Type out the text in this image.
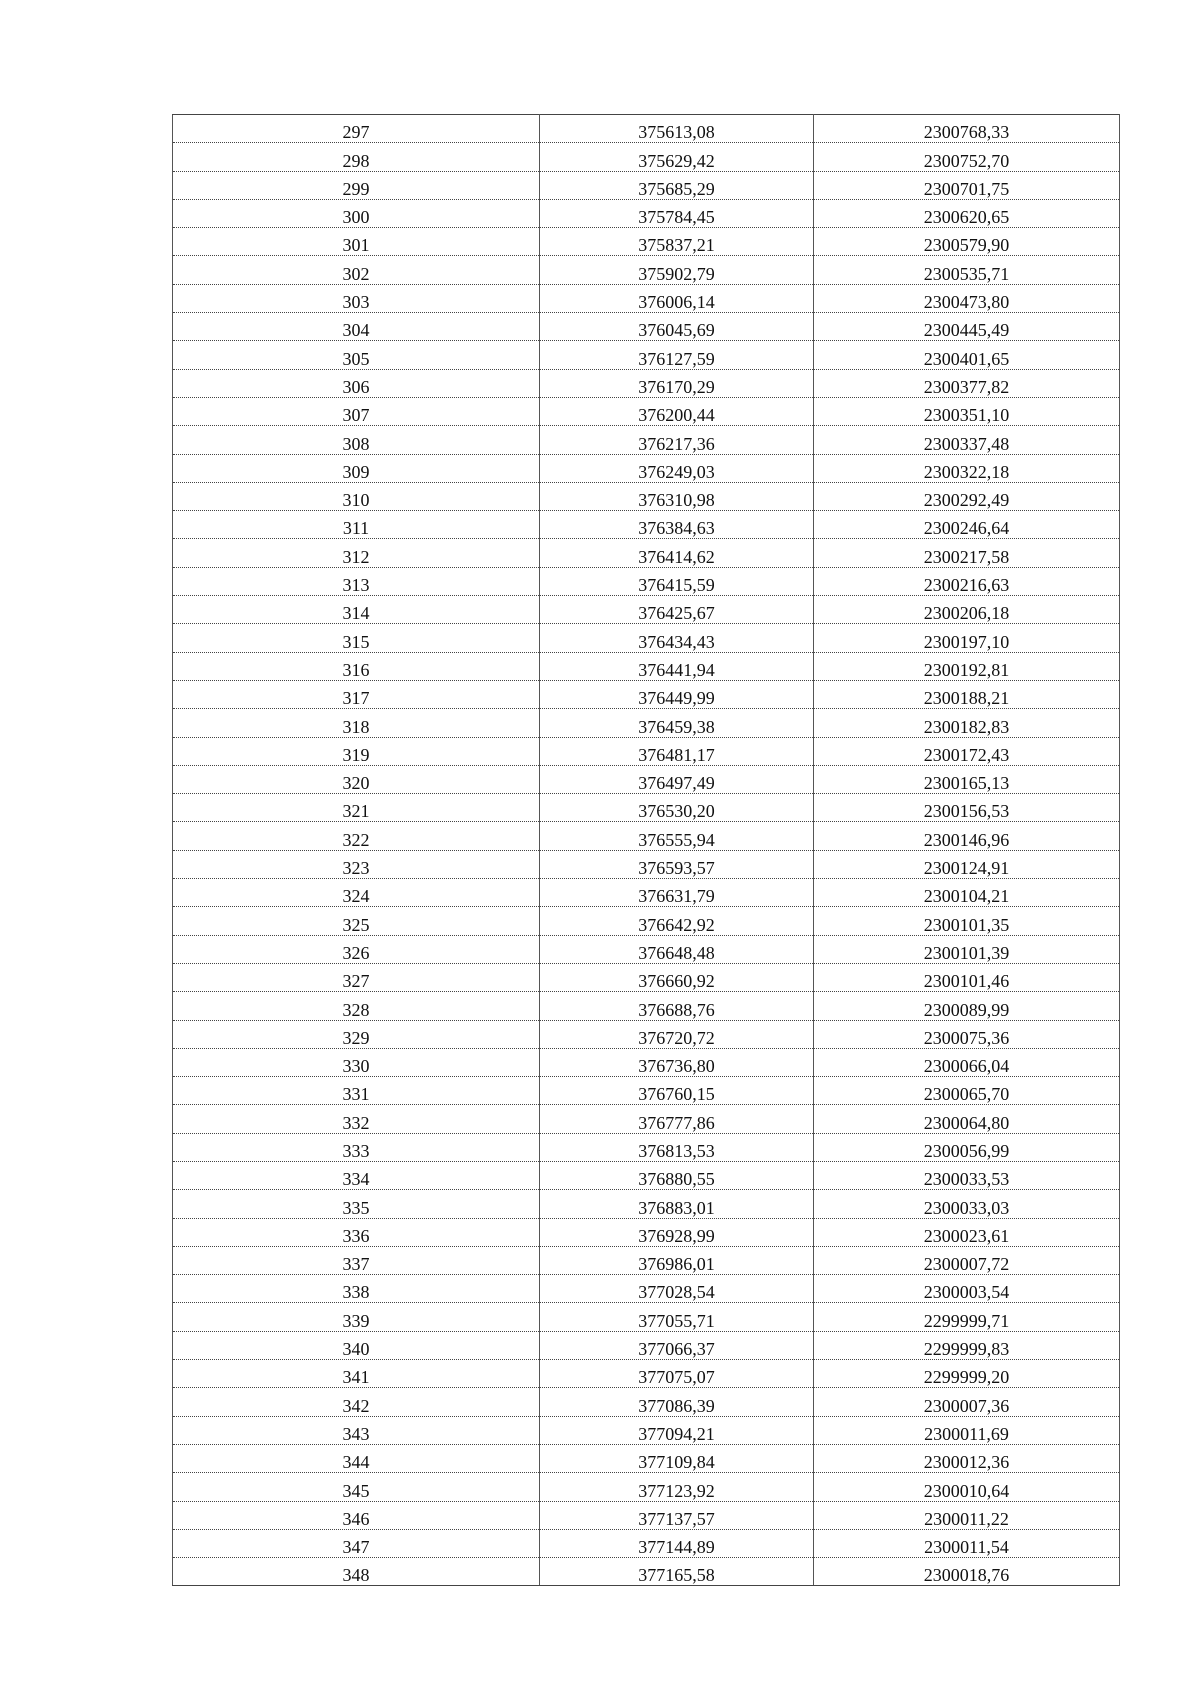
297	375613,08	2300768,33
298	375629,42	2300752,70
299	375685,29	2300701,75
300	375784,45	2300620,65
301	375837,21	2300579,90
302	375902,79	2300535,71
303	376006,14	2300473,80
304	376045,69	2300445,49
305	376127,59	2300401,65
306	376170,29	2300377,82
307	376200,44	2300351,10
308	376217,36	2300337,48
309	376249,03	2300322,18
310	376310,98	2300292,49
311	376384,63	2300246,64
312	376414,62	2300217,58
313	376415,59	2300216,63
314	376425,67	2300206,18
315	376434,43	2300197,10
316	376441,94	2300192,81
317	376449,99	2300188,21
318	376459,38	2300182,83
319	376481,17	2300172,43
320	376497,49	2300165,13
321	376530,20	2300156,53
322	376555,94	2300146,96
323	376593,57	2300124,91
324	376631,79	2300104,21
325	376642,92	2300101,35
326	376648,48	2300101,39
327	376660,92	2300101,46
328	376688,76	2300089,99
329	376720,72	2300075,36
330	376736,80	2300066,04
331	376760,15	2300065,70
332	376777,86	2300064,80
333	376813,53	2300056,99
334	376880,55	2300033,53
335	376883,01	2300033,03
336	376928,99	2300023,61
337	376986,01	2300007,72
338	377028,54	2300003,54
339	377055,71	2299999,71
340	377066,37	2299999,83
341	377075,07	2299999,20
342	377086,39	2300007,36
343	377094,21	2300011,69
344	377109,84	2300012,36
345	377123,92	2300010,64
346	377137,57	2300011,22
347	377144,89	2300011,54
348	377165,58	2300018,76
